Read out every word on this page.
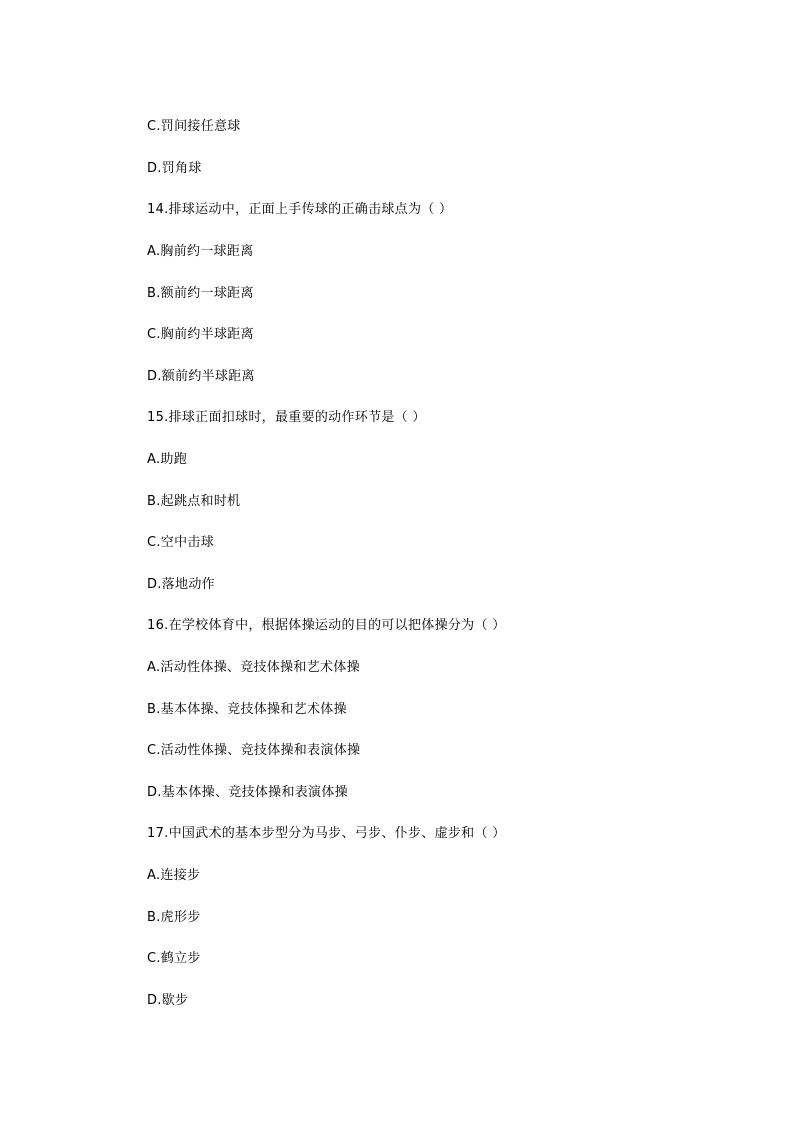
C.罚间接任意球

D.罚角球

14.排球运动中，正面上手传球的正确击球点为（ ）

A.胸前约一球距离

B.额前约一球距离

C.胸前约半球距离

D.额前约半球距离

15.排球正面扣球时，最重要的动作环节是（ ）

A.助跑

B.起跳点和时机

C.空中击球

D.落地动作

16.在学校体育中，根据体操运动的目的可以把体操分为（ ）

A.活动性体操、竞技体操和艺术体操

B.基本体操、竞技体操和艺术体操

C.活动性体操、竞技体操和表演体操

D.基本体操、竞技体操和表演体操

17.中国武术的基本步型分为马步、弓步、仆步、虚步和（ ）

A.连接步

B.虎形步

C.鹤立步

D.歇步
